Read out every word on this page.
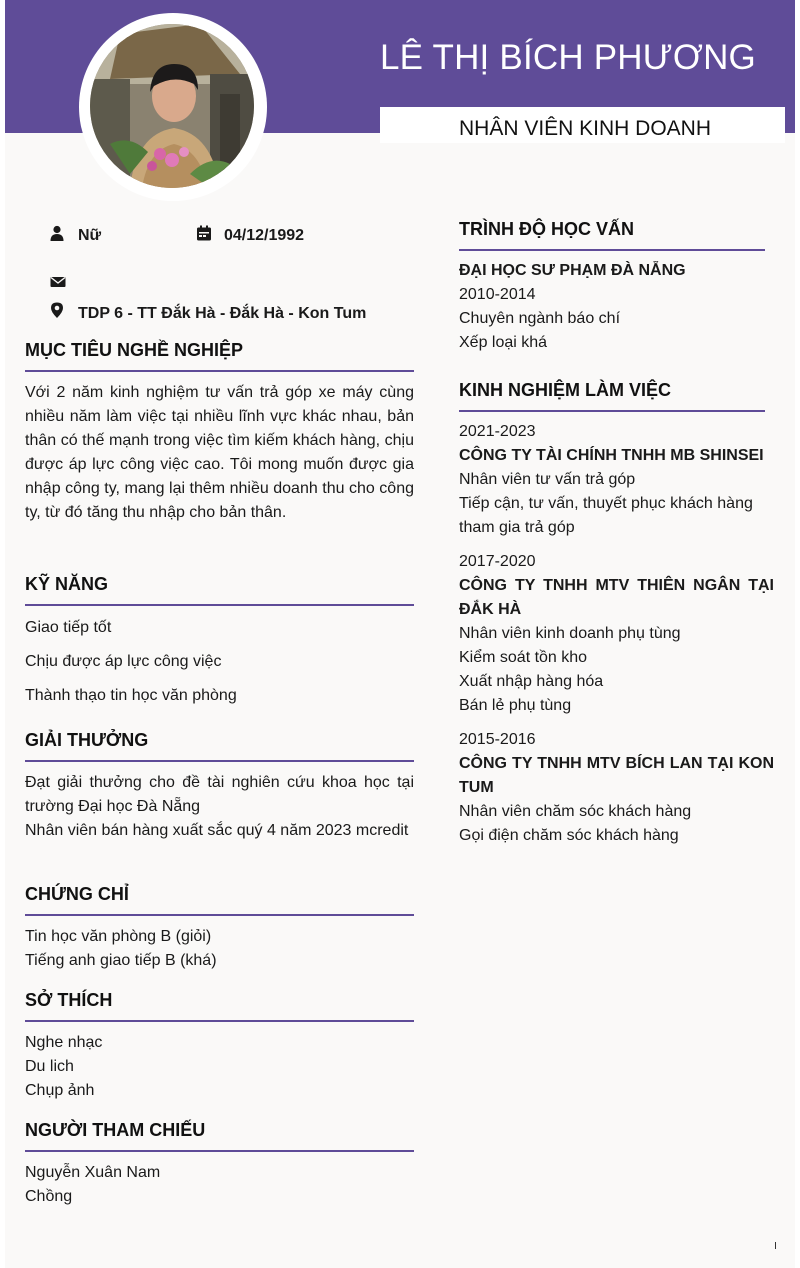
LÊ THỊ BÍCH PHƯƠNG
NHÂN VIÊN KINH DOANH
Nữ	04/12/1992
TDP 6 - TT Đắk Hà - Đắk Hà - Kon Tum
MỤC TIÊU NGHỀ NGHIỆP
Với 2 năm kinh nghiệm tư vấn trả góp xe máy cùng nhiều năm làm việc tại nhiều lĩnh vực khác nhau, bản thân có thế mạnh trong việc tìm kiếm khách hàng, chịu được áp lực công việc cao. Tôi mong muốn được gia nhập công ty, mang lại thêm nhiều doanh thu cho công ty, từ đó tăng thu nhập cho bản thân.
KỸ NĂNG
Giao tiếp tốt
Chịu được áp lực công việc
Thành thạo tin học văn phòng
GIẢI THƯỞNG
Đạt giải thưởng cho đề tài nghiên cứu khoa học tại trường Đại học Đà Nẵng
Nhân viên bán hàng xuất sắc quý 4 năm 2023 mcredit
CHỨNG CHỈ
Tin học văn phòng B (giỏi)
Tiếng anh giao tiếp B (khá)
SỞ THÍCH
Nghe nhạc
Du lich
Chụp ảnh
NGƯỜI THAM CHIẾU
Nguyễn Xuân Nam
Chồng
TRÌNH ĐỘ HỌC VẤN
KINH NGHIỆM LÀM VIỆC
ĐẠI HỌC SƯ PHẠM ĐÀ NẴNG
2010-2014
Chuyên ngành báo chí
Xếp loại khá
2021-2023
CÔNG TY TÀI CHÍNH TNHH MB SHINSEI
Nhân viên tư vấn trả góp
Tiếp cận, tư vấn, thuyết phục khách hàng tham gia trả góp
2017-2020
CÔNG TY TNHH MTV THIÊN NGÂN TẠI ĐẮK HÀ
Nhân viên kinh doanh phụ tùng
Kiểm soát tồn kho
Xuất nhập hàng hóa
Bán lẻ phụ tùng
2015-2016
CÔNG TY TNHH MTV BÍCH LAN TẠI KON TUM
Nhân viên chăm sóc khách hàng
Gọi điện chăm sóc khách hàng
